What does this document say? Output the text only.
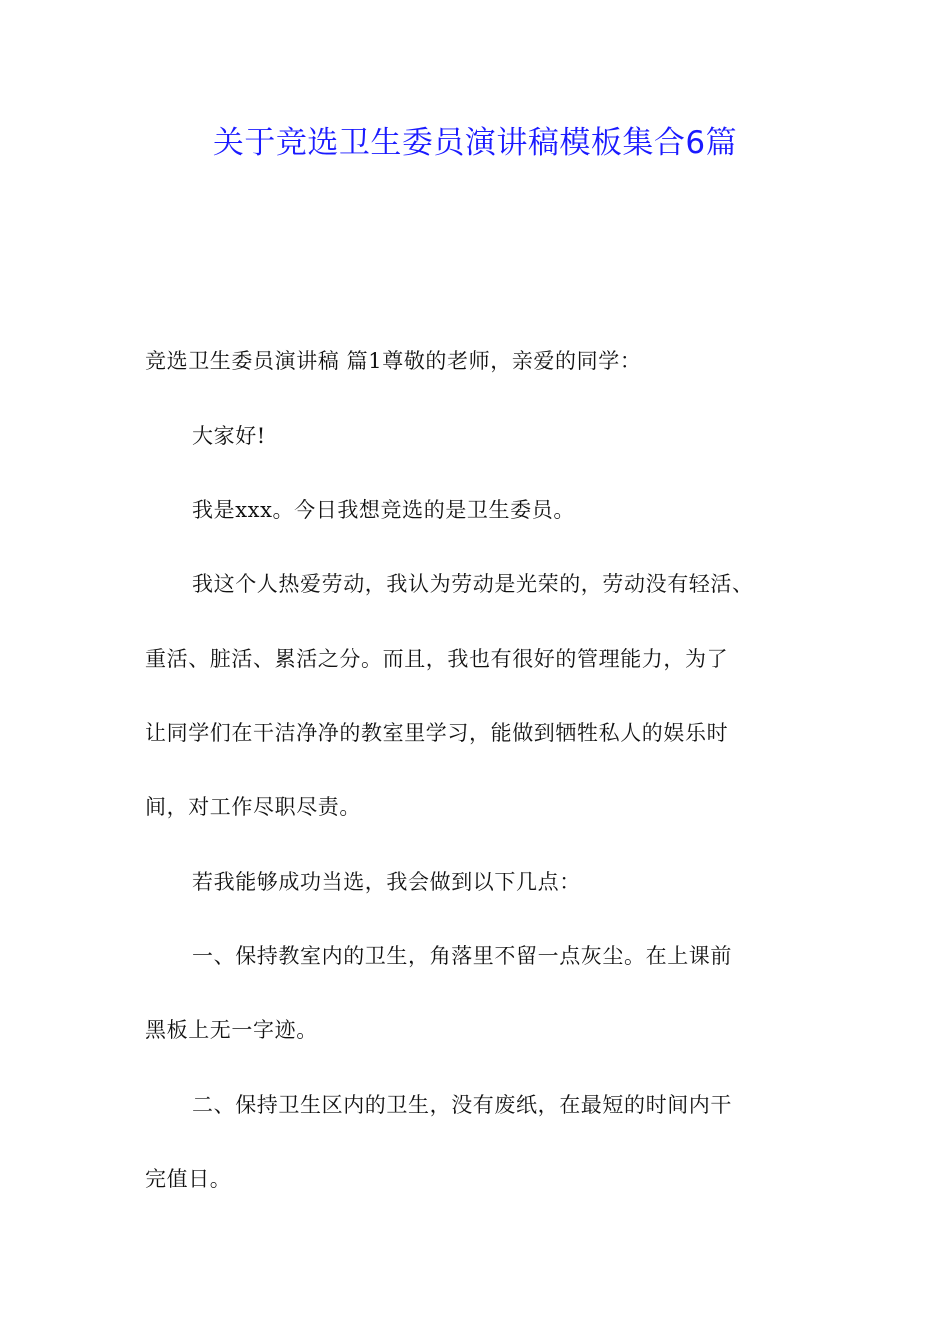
关于竞选卫生委员演讲稿模板集合6篇
竞选卫生委员演讲稿 篇1尊敬的老师，亲爱的同学：
大家好!
我是xxx。今日我想竞选的是卫生委员。
我这个人热爱劳动，我认为劳动是光荣的，劳动没有轻活、
重活、脏活、累活之分。而且，我也有很好的管理能力，为了
让同学们在干洁净净的教室里学习，能做到牺牲私人的娱乐时
间，对工作尽职尽责。
若我能够成功当选，我会做到以下几点：
一、保持教室内的卫生，角落里不留一点灰尘。在上课前
黑板上无一字迹。
二、保持卫生区内的卫生，没有废纸，在最短的时间内干
完值日。
